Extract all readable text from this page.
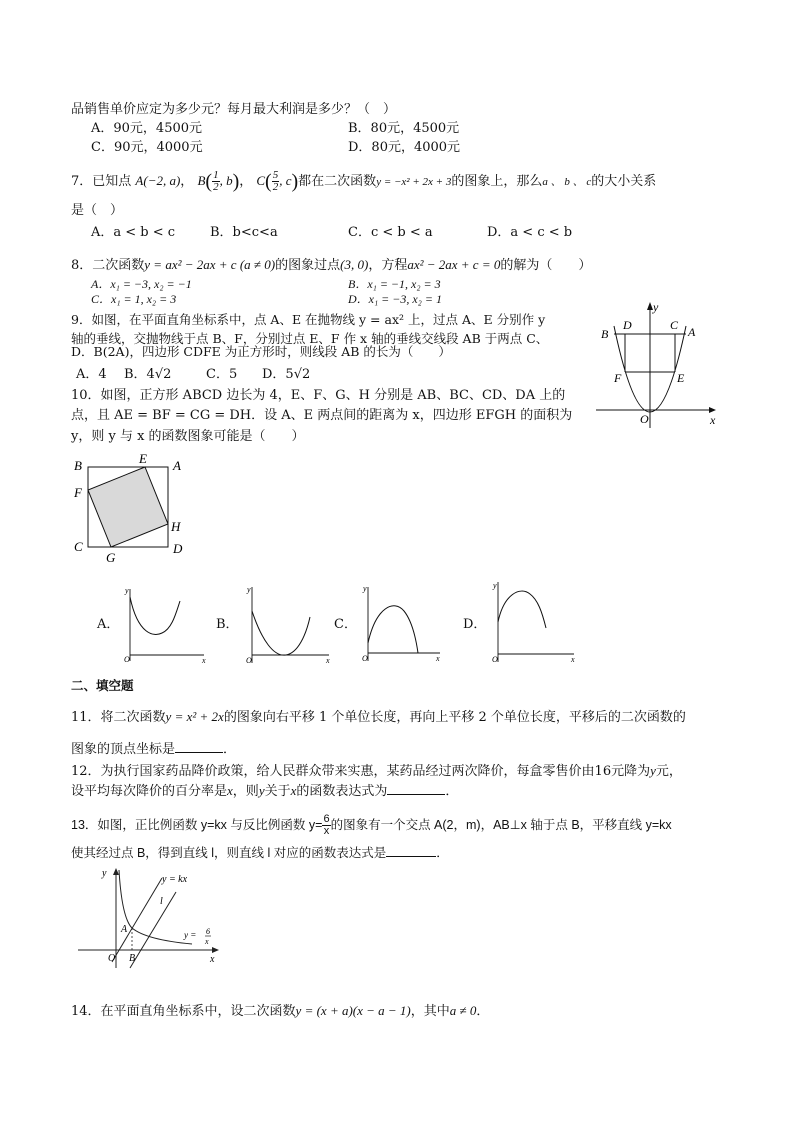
品销售单价应定为多少元？每月最大利润是多少？（　）
A．90元，4500元	B．80元，4500元
C．90元，4000元	D．80元，4000元
7．已知点 A(−2, a)， $B( \frac{1}{2}$ , b)， $C( \frac{5}{2}$ , c)都在二次函数y = −x² + 2x + 3的图象上，那么a 、 b 、 c的大小关系
是（　）
A．a < b < c	B．b<c<a	C．c < b < a	D．a < c < b
8．二次函数y = ax² − 2ax + c (a ≠ 0)的图象过点(3, 0)，方程ax² − 2ax + c = 0的解为（　　）
A．x₁ = −3, x₂ = −1	B．x₁ = −1, x₂ = 3
C．x₁ = 1, x₂ = 3	D．x₁ = −3, x₂ = 1
9．如图，在平面直角坐标系中，点 A、E 在抛物线 y = ax² 上，过点 A、E 分别作 y
轴的垂线，交抛物线于点 B、F，分别过点 E、F 作 x 轴的垂线交线段 AB 于两点 C、
D．B(2A)，四边形 CDFE 为正方形时，则线段 AB 的长为（　　）
A．4 B．4√2	C．5 D．5√2
y
D	C A
B
F	E
O	x
10．如图，正方形 ABCD 边长为 4，E、F、G、H 分别是 AB、BC、CD、DA 上的
点，且 AE = BF = CG = DH．设 A、E 两点间的距离为 x，四边形 EFGH 的面积为
y，则 y 与 x 的函数图象可能是（　　）
B	E A
F
H
C
G
D
A．
y
x
O
B．
y
x
O
C．
y
x
O
D．
y
x
O
二、填空题
11．将二次函数y = x² + 2x的图象向右平移 1 个单位长度，再向上平移 2 个单位长度，平移后的二次函数的
图象的顶点坐标是	．
12．为执行国家药品降价政策，给人民群众带来实惠，某药品经过两次降价，每盒零售价由16元降为y元，
设平均每次降价的百分率是x，则y关于x的函数表达式为	．
13．如图，正比例函数 y=kx 与反比例函数 $y= \frac{6}{x}$ 的图象有一个交点 A(2，m)，AB⊥x 轴于点 B，平移直线 y=kx
使其经过点 B，得到直线 l，则直线 l 对应的函数表达式是	．
y
y = kx
l
A	y = 6
x
O B	x
14．在平面直角坐标系中，设二次函数y = (x + a)(x − a − 1)，其中a ≠ 0．
